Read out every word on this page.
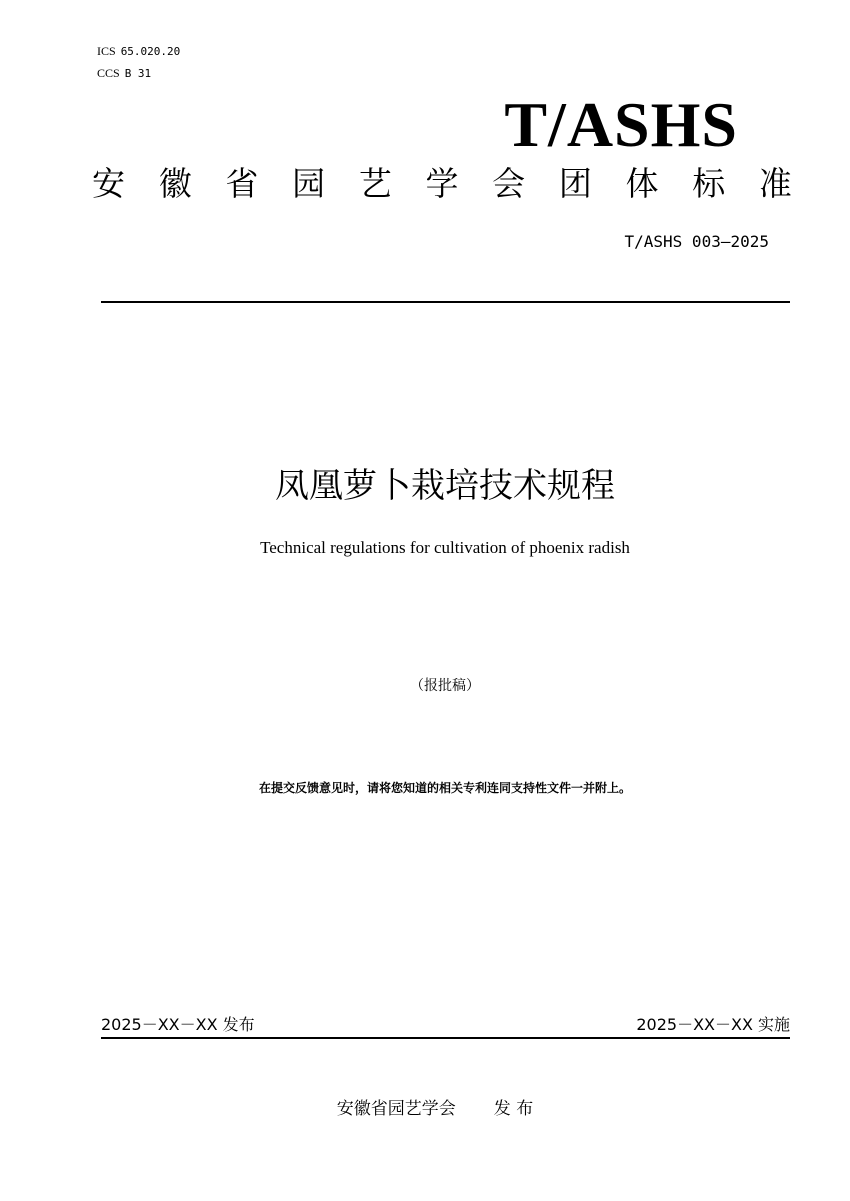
ICS 65.020.20
CCS B 31
T/ASHS
安 徽 省 园 艺 学 会 团 体 标 准
T/ASHS 003—2025
凤凰萝卜栽培技术规程
Technical regulations for cultivation of phoenix radish
（报批稿）
在提交反馈意见时，请将您知道的相关专利连同支持性文件一并附上。
2025－XX－XX 发布	2025－XX－XX 实施
安徽省园艺学会 发 布
